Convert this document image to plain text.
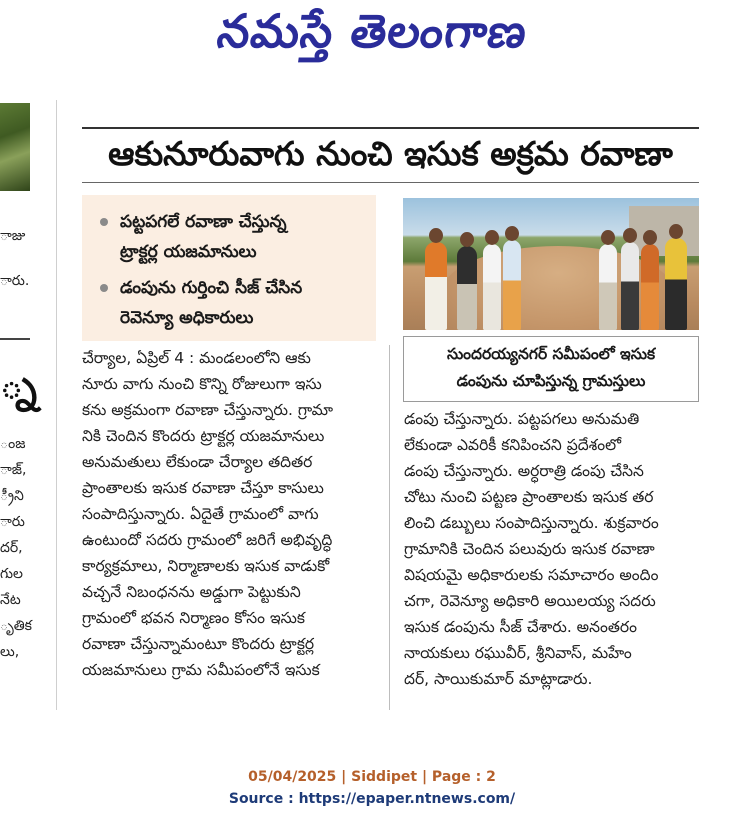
నమస్తే తెలంగాణ
ాజు
ారు.
్న
ంజ
ాజ్,
్రీని
ారు
దర్,
గుల
నేట
ృతిక
లు,
ఆకునూరువాగు నుంచి ఇసుక అక్రమ రవాణా
పట్టపగలే రవాణా చేస్తున్న ట్రాక్టర్ల యజమానులు
డంపును గుర్తించి సీజ్ చేసిన రెవెన్యూ అధికారులు
సుందరయ్యనగర్ సమీపంలో ఇసుక
డంపును చూపిస్తున్న గ్రామస్తులు

చేర్యాల, ఏప్రిల్ 4 : మండలంలోని ఆకు

నూరు వాగు నుంచి కొన్ని రోజులుగా ఇసు

కను అక్రమంగా రవాణా చేస్తున్నారు. గ్రామా

నికి చెందిన కొందరు ట్రాక్టర్ల యజమానులు

అనుమతులు లేకుండా చేర్యాల తదితర

ప్రాంతాలకు ఇసుక రవాణా చేస్తూ కాసులు

సంపాదిస్తున్నారు. ఏదైతే గ్రామంలో వాగు

ఉంటుందో సదరు గ్రామంలో జరిగే అభివృద్ధి

కార్యక్రమాలు, నిర్మాణాలకు ఇసుక వాడుకో

వచ్చనే నిబంధనను అడ్డుగా పెట్టుకుని

గ్రామంలో భవన నిర్మాణం కోసం ఇసుక

రవాణా చేస్తున్నామంటూ కొందరు ట్రాక్టర్ల

యజమానులు గ్రామ సమీపంలోనే ఇసుక

డంపు చేస్తున్నారు. పట్టపగలు అనుమతి

లేకుండా ఎవరికీ కనిపించని ప్రదేశంలో

డంపు చేస్తున్నారు. అర్ధరాత్రి డంపు చేసిన

చోటు నుంచి పట్టణ ప్రాంతాలకు ఇసుక తర

లించి డబ్బులు సంపాదిస్తున్నారు. శుక్రవారం

గ్రామానికి చెందిన పలువురు ఇసుక రవాణా

విషయమై అధికారులకు సమాచారం అందిం

చగా, రెవెన్యూ అధికారి అయిలయ్య సదరు

ఇసుక డంపును సీజ్ చేశారు. అనంతరం

నాయకులు రఘువీర్, శ్రీనివాస్, మహేం

దర్, సాయికుమార్ మాట్లాడారు.

05/04/2025 | Siddipet | Page : 2
Source : https://epaper.ntnews.com/
